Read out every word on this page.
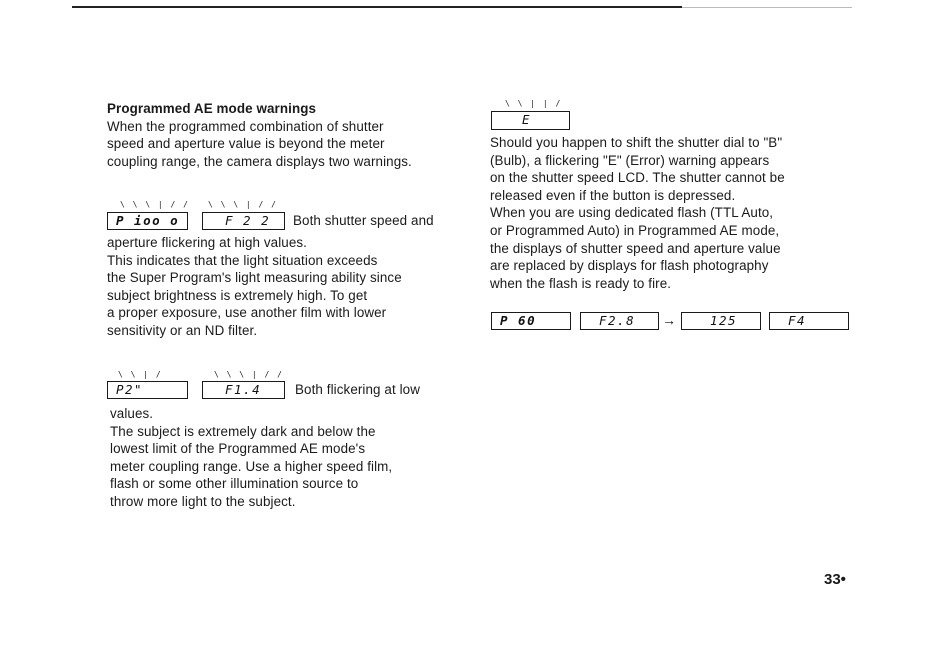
Programmed AE mode warnings
When the programmed combination of shutter
speed and aperture value is beyond the meter
coupling range, the camera displays two warnings.
\ \ \ | / / \ \ \ | / /
P ioo o	F 2 2	Both shutter speed and
aperture flickering at high values.
This indicates that the light situation exceeds
the Super Program's light measuring ability since
subject brightness is extremely high. To get
a proper exposure, use another film with lower
sensitivity or an ND filter.
\ \ | /	\ \ \ | / /
P2"	F1.4	Both flickering at low
values.
The subject is extremely dark and below the
lowest limit of the Programmed AE mode's
meter coupling range. Use a higher speed film,
flash or some other illumination source to
throw more light to the subject.
\ \ | | /
E
Should you happen to shift the shutter dial to "B"
(Bulb), a flickering "E" (Error) warning appears
on the shutter speed LCD. The shutter cannot be
released even if the button is depressed.
When you are using dedicated flash (TTL Auto,
or Programmed Auto) in Programmed AE mode,
the displays of shutter speed and aperture value
are replaced by displays for flash photography
when the flash is ready to fire.
P 60	F2.8	→	125	F4
33•
